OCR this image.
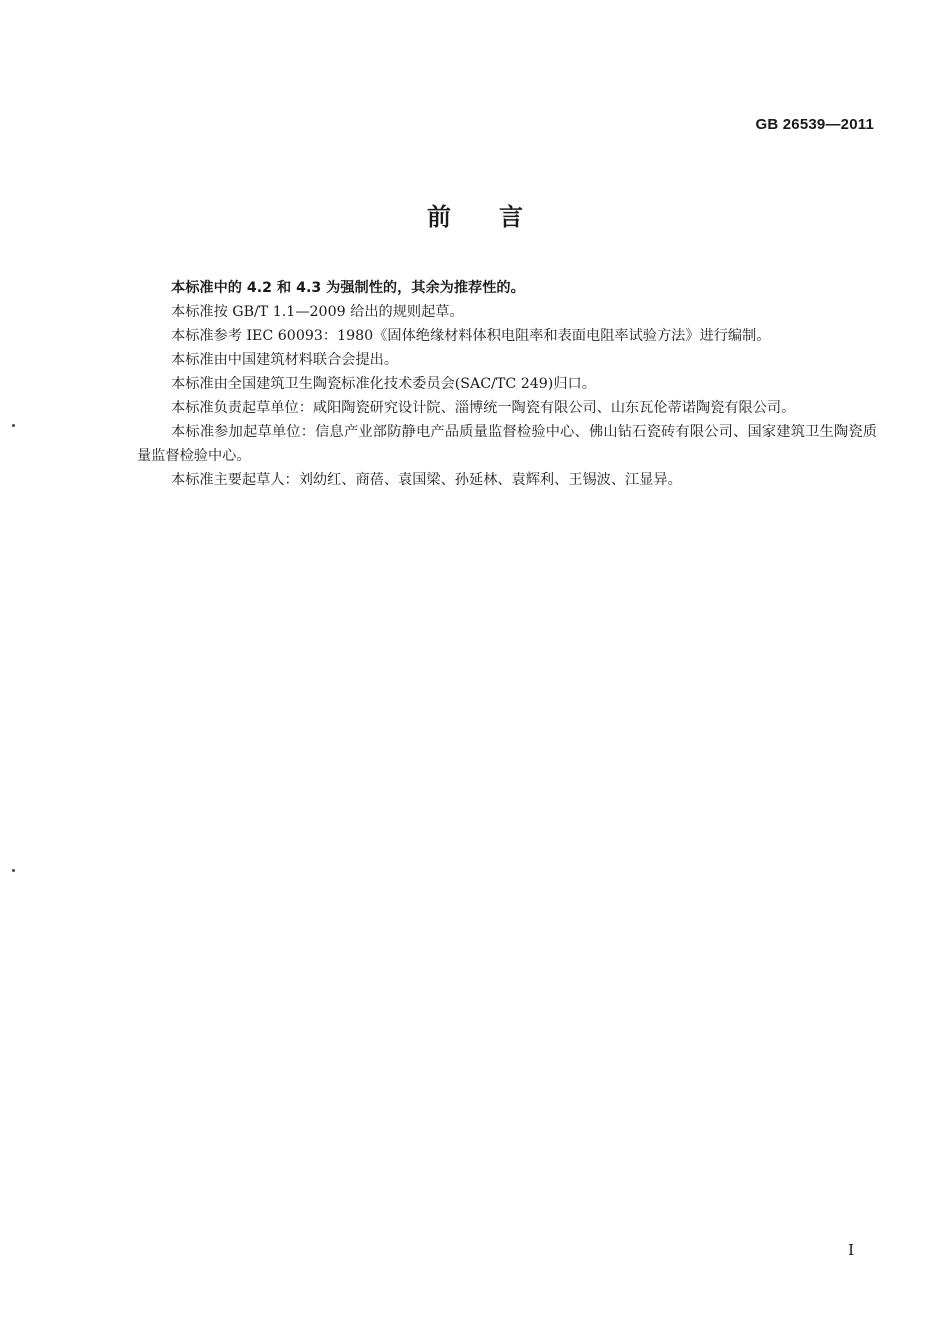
GB 26539—2011
前 言

本标准中的 4.2 和 4.3 为强制性的，其余为推荐性的。

本标准按 GB/T 1.1—2009 给出的规则起草。

本标准参考 IEC 60093：1980《固体绝缘材料体积电阻率和表面电阻率试验方法》进行编制。

本标准由中国建筑材料联合会提出。

本标准由全国建筑卫生陶瓷标准化技术委员会(SAC/TC 249)归口。

本标准负责起草单位：咸阳陶瓷研究设计院、淄博统一陶瓷有限公司、山东瓦伦蒂诺陶瓷有限公司。

本标准参加起草单位：信息产业部防静电产品质量监督检验中心、佛山钻石瓷砖有限公司、国家建筑卫生陶瓷质量监督检验中心。

本标准主要起草人：刘幼红、商蓓、袁国梁、孙延林、袁辉利、王锡波、江显异。

I
